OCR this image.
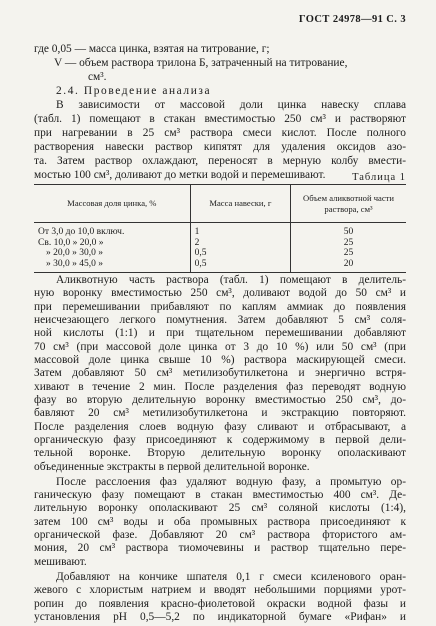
ГОСТ 24978—91 С. 3
где 0,05 — масса цинка, взятая на титрование, г;
V — объем раствора трилона Б, затраченный на титрование,
см³.
2.4. Проведение анализа
В зависимости от массовой доли цинка навеску сплава
(табл. 1) помещают в стакан вместимостью 250 см³ и растворяют
при нагревании в 25 см³ раствора смеси кислот. После полного
растворения навески раствор кипятят для удаления оксидов азо-
та. Затем раствор охлаждают, переносят в мерную колбу вмести-
мостью 100 см³, доливают до метки водой и перемешивают.	Таблица 1
Массовая доля цинка, %	Масса навески, г	Объем аликвотной части раствора, см³
От 3,0 до 10,0 включ.	1	50
Св. 10,0 » 20,0 »	2	25
» 20,0 » 30,0 »	0,5	25
» 30,0 » 45,0 »	0,5	20
Аликвотную часть раствора (табл. 1) помещают в делитель-
ную воронку вместимостью 250 см³, доливают водой до 50 см³ и
при перемешивании прибавляют по каплям аммиак до появления
неисчезающего легкого помутнения. Затем добавляют 5 см³ соля-
ной кислоты (1:1) и при тщательном перемешивании добавляют
70 см³ (при массовой доле цинка от 3 до 10 %) или 50 см³ (при
массовой доле цинка свыше 10 %) раствора маскирующей смеси.
Затем добавляют 50 см³ метилизобутилкетона и энергично встря-
хивают в течение 2 мин. После разделения фаз переводят водную
фазу во вторую делительную воронку вместимостью 250 см³, до-
бавляют 20 см³ метилизобутилкетона и экстракцию повторяют.
После разделения слоев водную фазу сливают и отбрасывают, а
органическую фазу присоединяют к содержимому в первой дели-
тельной воронке. Вторую делительную воронку ополаскивают
объединенные экстракты в первой делительной воронке.
После расслоения фаз удаляют водную фазу, а промытую ор-
ганическую фазу помещают в стакан вместимостью 400 см³. Де-
лительную воронку ополаскивают 25 см³ соляной кислоты (1:4),
затем 100 см³ воды и оба промывных раствора присоединяют к
органической фазе. Добавляют 20 см³ раствора фтористого ам-
мония, 20 см³ раствора тиомочевины и раствор тщательно пере-
мешивают.
Добавляют на кончике шпателя 0,1 г смеси ксиленового оран-
жевого с хлористым натрием и вводят небольшими порциями урот-
ропин до появления красно-фиолетовой окраски водной фазы и
установления pH 0,5—5,2 по индикаторной бумаге «Рифан» и
